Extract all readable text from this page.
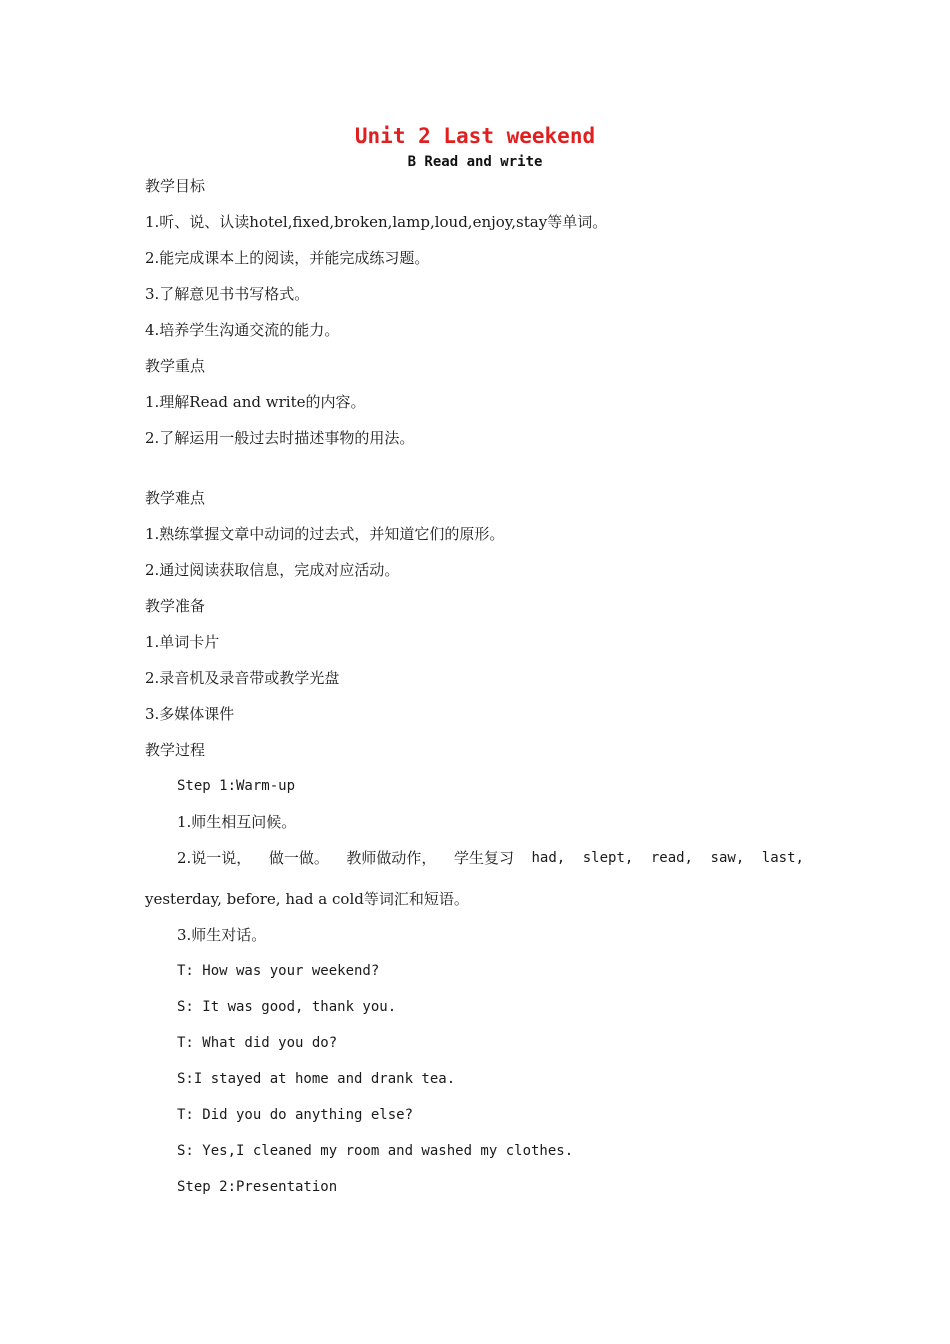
Unit 2 Last weekend
B Read and write
教学目标
1.听、说、认读hotel,fixed,broken,lamp,loud,enjoy,stay等单词。
2.能完成课本上的阅读，并能完成练习题。
3.了解意见书书写格式。
4.培养学生沟通交流的能力。
教学重点
1.理解Read and write的内容。
2.了解运用一般过去时描述事物的用法。
教学难点
1.熟练掌握文章中动词的过去式，并知道它们的原形。
2.通过阅读获取信息，完成对应活动。
教学准备
1.单词卡片
2.录音机及录音带或教学光盘
3.多媒体课件
教学过程
Step 1:Warm-up
1.师生相互问候。
2.说一说， 做一做。 教师做动作， 学生复习 had, slept, read, saw, last,
yesterday, before, had a cold等词汇和短语。
3.师生对话。
T: How was your weekend?
S: It was good, thank you.
T: What did you do?
S:I stayed at home and drank tea.
T: Did you do anything else?
S: Yes,I cleaned my room and washed my clothes.
Step 2:Presentation
